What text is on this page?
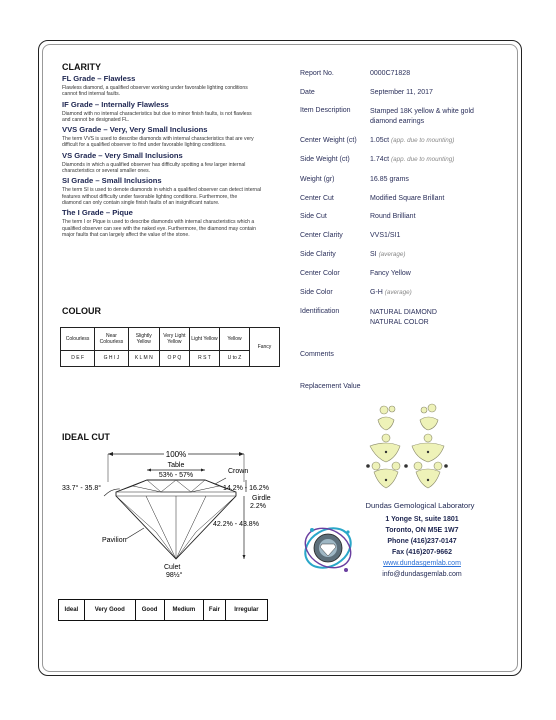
CLARITY
FL Grade – Flawless
Flawless diamond, a qualified observer working under favorable lighting conditions
cannot find internal faults.
IF Grade – Internally Flawless
Diamond with no internal characteristics but due to minor finish faults, is not flawless
and cannot be designated FL.
VVS Grade – Very, Very Small Inclusions
The term VVS is used to describe diamonds with internal characteristics that are very
difficult for a qualified observer to find under favorable lighting conditions.
VS Grade – Very Small Inclusions
Diamonds in which a qualified observer has difficulty spotting a few larger internal
characteristics or several smaller ones.
SI Grade – Small Inclusions
The term SI is used to denote diamonds in which a qualified observer can detect internal
features without difficulty under favorable lighting conditions. Furthermore, the
diamond can only contain single finish faults of an insignificant nature.
The I Grade – Pique
The term I or Pique is used to describe diamonds with internal characteristics which a
qualified observer can see with the naked eye. Furthermore, the diamond may contain
major faults that can largely affect the value of the stone.
COLOUR
Colourless	Near Colourless	Slightly Yellow	Very Light Yellow	Light Yellow	Yellow	Fancy
D E F	G H I J	K L M N	O P Q	R S T	U to Z	
IDEAL CUT
100%
Table
53% - 57%
33.7° - 35.8°
Crown
14.2% - 16.2%
Girdle
2.2%
42.2% - 43.8%
Pavilion
Culet
98½°
Ideal	Very Good	Good	Medium	Fair	Irregular
Report No.	0000C71828
Date	September 11, 2017
Item Description	Stamped 18K yellow & white gold diamond earrings
Center Weight (ct) 1.05ct (app. due to mounting)
Side Weight (ct)	1.74ct (app. due to mounting)
Weight (gr)	16.85 grams
Center Cut	Modified Square Brillant
Side Cut	Round Brilliant
Center Clarity	VVS1/SI1
Side Clarity	SI (average)
Center Color	Fancy Yellow
Side Color	G-H (average)
Identification	NATURAL DIAMOND NATURAL COLOR
Comments
Replacement Value
Dundas Gemological Laboratory
1 Yonge St, suite 1801
Toronto, ON M5E 1W7
Phone (416)237-0147
Fax (416)207-9662
www.dundasgemlab.com
info@dundasgemlab.com
